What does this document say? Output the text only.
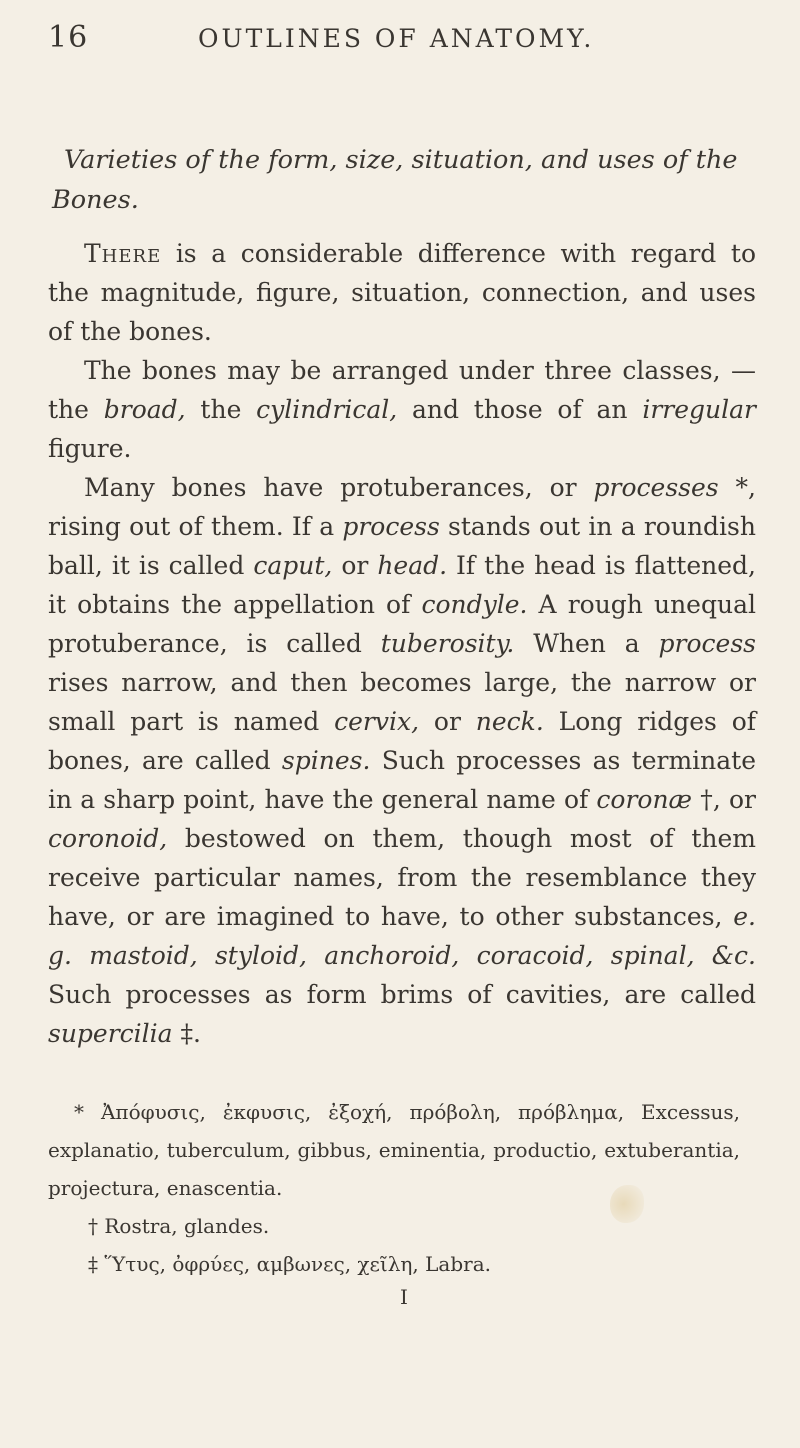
16	OUTLINES OF ANATOMY.
Varieties of the form, size, situation, and uses of the Bones.

There is a considerable difference with regard to the magnitude, figure, situation, connection, and uses of the bones.

The bones may be arranged under three classes, —the broad, the cylindrical, and those of an irregular figure.

Many bones have protuberances, or processes *, rising out of them. If a process stands out in a roundish ball, it is called caput, or head. If the head is flattened, it obtains the appellation of condyle. A rough unequal protuberance, is called tuberosity. When a process rises narrow, and then becomes large, the narrow or small part is named cervix, or neck. Long ridges of bones, are called spines. Such processes as terminate in a sharp point, have the general name of coronæ †, or coronoid, bestowed on them, though most of them receive particular names, from the resemblance they have, or are imagined to have, to other substances, e. g. mastoid, styloid, anchoroid, coracoid, spinal, &c. Such processes as form brims of cavities, are called supercilia ‡.

* Ἀπόφυσις, ἐκφυσις, ἐξοχή, πρόβολη, πρόβλημα, Excessus, explanatio, tuberculum, gibbus, eminentia, productio, extuberantia, projectura, enascentia.

† Rostra, glandes.

‡ Ὕτυς, ὀφρύες, αμβωνες, χεῖλη, Labra.

I
